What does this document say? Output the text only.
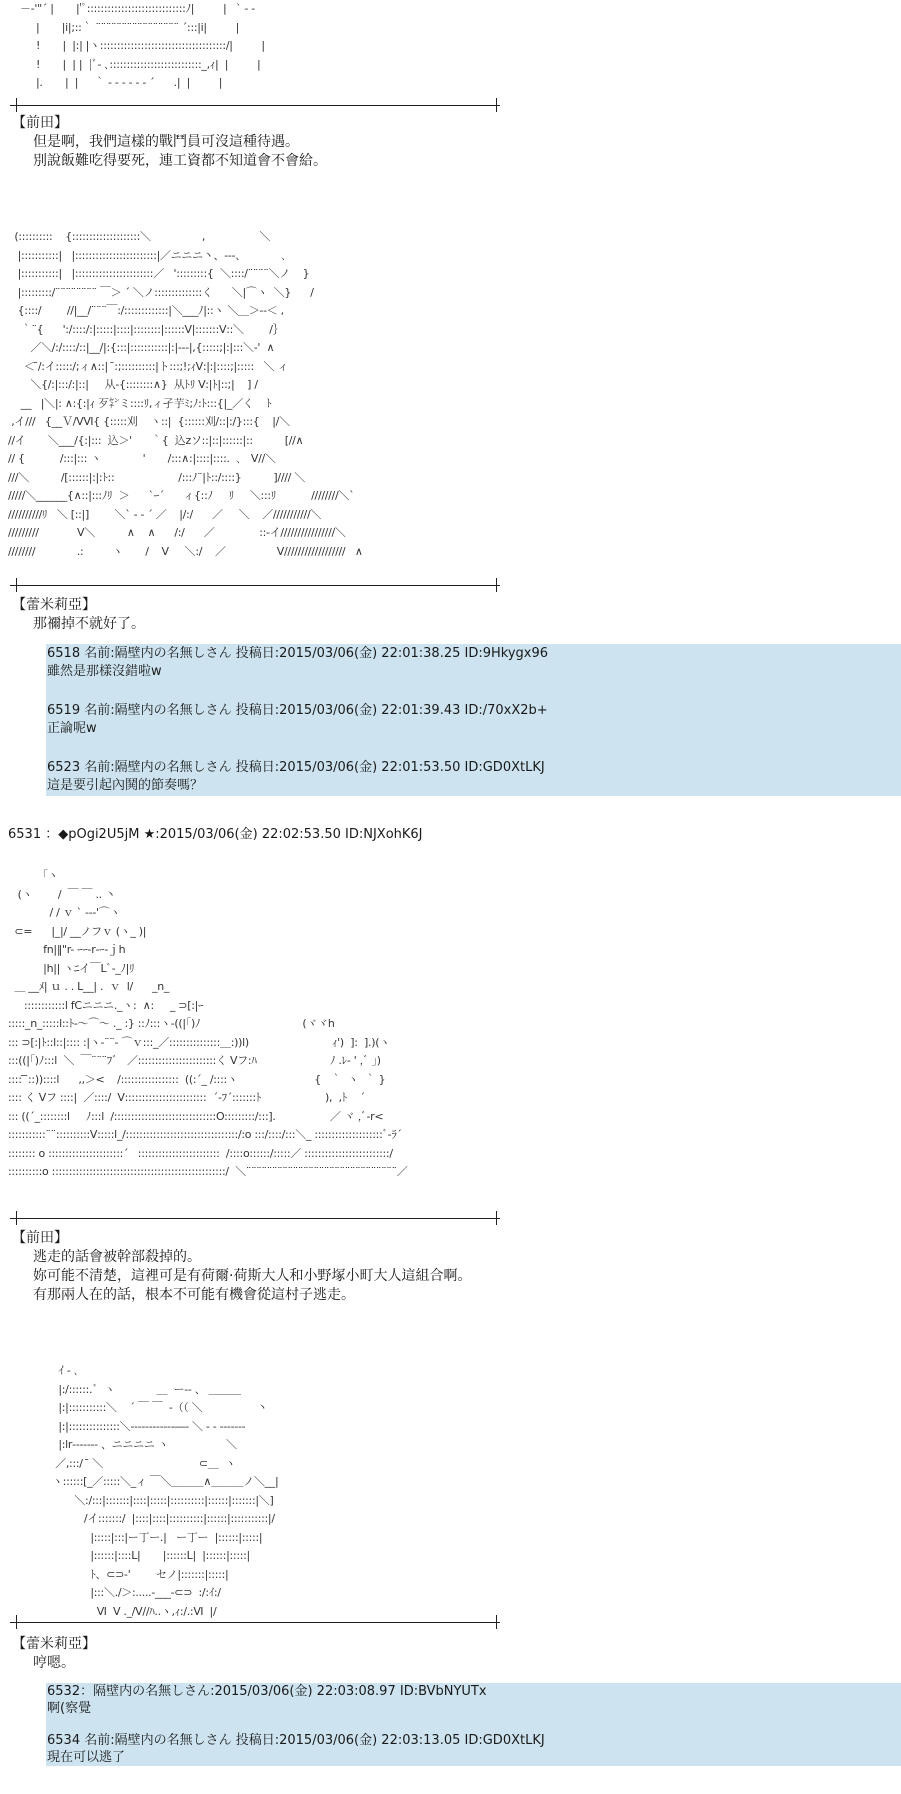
－‐'"´ |       |'ﾟ:::::::::::::::::::::::::::::ﾉ|         |   ` ‐ ‐
|       |i|;::｀ ¨¨¨¨¨¨¨¨¨¨¨¨¨¨¨¨ ´:::|i|         |
!       |  |:| |ヽ:::::::::::::::::::::::::::::::::::::/|         |
!       |  | |  |ﾞ‐ ､:::::::::::::::::::::::::::_,ｨ|  |         |
|.       |  |     ｀ ‐ ‐ ‐ ‐ ‐ ‐ ´      .|  |         |
【前田】
但是啊，我們這樣的戰鬥員可沒這種待遇。
別說飯難吃得要死，連工資都不知道會不會給。
(::::::::::    {::::::::::::::::::::＼                ,                 ＼
|:::::::::::|   |::::::::::::::::::::::::|／ニニニ丶、‐‐‐、           ､
|:::::::::::|   |:::::::::::::::::::::::／   ':::::::::{  ＼::::/¨¨¨¨＼ノ    }
|:::::::::/¨¨¨¨¨¨¨¨ ￣＞ ´ ＼ノ::::::::::::::く      ＼|⌒ヽ  ＼}      /
{::::/        //|__/¨¨¨￣:/:::::::::::::|＼___ﾉ|::ヽ ＼＿＞‐‐＜ ,
｀¨{      ':/::::/:|:::::|::::|::::::::|::::::Ⅴ|:::::::Ⅴ::＼        /｝
／＼/:/::::/::|__/|:{:::|:::::::::::|:|‐‐‐|,{:::::;|:|:::＼‐'  ∧
＜ ̄/:イ:::::/;ィ∧::|  ̄:;::::::::::|ト:::;!;ｨⅤ:|:|::::;|:::::   ＼ ィ
＼{/:|:::/:|::|     从‐{::::::::∧}  从ﾄﾘ Ⅴ:|ﾄ|::;|    ] /
__   |＼|: ∧:{:|ｨ 歹㌢ミ::::ﾘ,ィ孑芋ﾐ;ﾉ:ﾄ:::{|_／く    ﾄ
,イ///   {__Ｖ/ⅤⅥ{ {:::::刈    ヽ::|  {::::::刈/::|:/}:::{    |/＼
//イ       ＼___/{:|:::  込＞'      ｀{  込zソ::|::|::::::|::          [//∧
// {           /:::|::: ヽ             '       /:::∧:|::::|::::.  ､   Ⅴ//＼
///＼          /[::::::|:|:ﾄ::                    /:::ﾉ¨|ﾄ::/::::}          ]//// ＼
/////＼______{∧::|:::ﾉﾘ  ＞      `ｰ´      ィ{::ﾉ     ﾘ     ＼:::ﾘ           ////////＼`
//////////ﾘ   ＼ [::|]        ＼` ‐ ‐ ´ ／    |/:/      ／     ＼    ／///////////＼
/////////            Ⅴ＼          ∧    ∧      /:/      ／              ::‐イ////////////////＼
////////             .:         ヽ       /    Ⅴ     ＼:/    ／                Ⅴ//////////////////   ∧
【蕾米莉亞】
那禰掉不就好了。
6518 名前:隔壁内の名無しさん 投稿日:2015/03/06(金) 22:01:38.25 ID:9Hkygx96
雖然是那樣沒錯啦w
6519 名前:隔壁内の名無しさん 投稿日:2015/03/06(金) 22:01:39.43 ID:/70xX2b+
正論呢w
6523 名前:隔壁内の名無しさん 投稿日:2015/03/06(金) 22:01:53.50 ID:GD0XtLKJ
這是要引起內鬨的節奏嗎？
6531 ：◆pOgi2U5jM ★:2015/03/06(金) 22:02:53.50 ID:NJXohK6J
「ヽ
(ヽ        /  ￣ ￣ .. 丶
/ / ｖ ` ‐‐‐'⌒ヽ
⊂=      |_|/ __ノフｖ (ヽ_ )|
fn|‖"r- ｰｰ‐r‐ｰ‐ｊh
|h|| ヽﾆイ￣Lﾞ‐_ﾉ|ﾘ
＿ __ﾒ| ｕ . . L__| .  ｖ  l/      _n_
::::::::::::l fCニニニ._ヽ:  ∧:     _ ⊃[:|ｰ
:::::_n_:::::l::ﾄ‐～⌒～ ._ :} ::ﾉ:::ヽ‐((|｢)ﾉ                                (ヾヾh
::: ⊃[:|ﾄ::l::|:::: :|ヽ‐¨¨‐ ⌒ｖ:::_／:::::::::::::::＿:))l)                          ｨ')  ]:  ].)(ヽ
:::((|｢)ﾉ:::l  ＼  ￣¨¨¨ﾌﾞ   ／:::::::::::::::::::::::く Ⅴフ:ﾊ                       ﾉ .ﾚ‐ ' ,ﾞ 」)
:::: ̄ ̄::))::::l      ,,＞<    /:::::::::::::::::  ((:´_ /::::ヽ                        {   ｀  ヽ  ｀ }
:::: く Ⅴフ ::::|  ／::::/  Ⅴ::::::::::::::::::::::::  ´‐ﾌ´:::::::ﾄ                    ),  ,ﾄ    ´
::: ((´_::::::::l     ﾉ:::l  /::::::::::::::::::::::::::::::O:::::::::/:::].                 ／ ヾ ,ﾞ‐r<
:::::::::::¨¨::::::::::Ⅴ:::::l_/:::::::::::::::::::::::::::::::::/:o :::/::::/:::＼_ ::::::::::::::::::::ﾞ‐ﾗ´
:::::::: o ::::::::::::::::::::::´   ::::::::::::::::::::::::  /::::o::::::/:::::／ :::::::::::::::::::::::::/
::::::::::o :::::::::::::::::::::::::::::::::::::::::::::::::::/  ＼¨¨¨¨¨¨¨¨¨¨¨¨¨¨¨¨¨¨¨¨¨¨¨¨¨¨¨¨¨／
【前田】
逃走的話會被幹部殺掉的。
妳可能不清楚，這裡可是有荷爾·荷斯大人和小野塚小町大人這組合啊。
有那兩人在的話，根本不可能有機會從這村子逃走。
ｲ ‐ ､
|:/::::::.ﾞ  ヽ             ＿  ー‐‐ 、 ＿＿＿
|:|:::::::::::＼    ´ ￣ ￣  ‐（（ ＼                 丶
|:|:::::::::::::::＼‐‐‐‐‐‐‐‐‐‐‐‐―‐ ＼ ‐ ‐ ‐‐‐‐‐‐‐
|:lr‐‐‐‐‐‐- 、ニニニニ ヽ                  ＼
／,:::/  ̄ ＼                              ⊂＿  ヽ
ヽ::::::[_／:::::＼_ィ ￣＼＿＿＿∧＿＿＿ノ＼__|
＼:/:::|:::::::|::::|:::::|::::::::::|::::::|:::::::|＼]
/イ:::::::/  |::::|::::|::::::::::|::::::|:::::::::::|/
|:::::|:::|ー丁ー.|   ー丁ー  |::::::|:::::|
|::::::|::::L|       |::::::L|  |::::::|:::::|
ﾄ、⊂⊃‐'        セノ|:::::::|:::::|
|:::＼./＞:.....‐___‐⊂⊃  :/:ｲ:/
Ⅵ  Ⅴ ._/Ⅴ//ﾊ..ヽ,ｨ:/.:Ⅵ  |/
【蕾米莉亞】
哼嗯。
6532：隔壁内の名無しさん:2015/03/06(金) 22:03:08.97 ID:BVbNYUTx
啊(察覺
6534 名前:隔壁内の名無しさん 投稿日:2015/03/06(金) 22:03:13.05 ID:GD0XtLKJ
現在可以逃了
